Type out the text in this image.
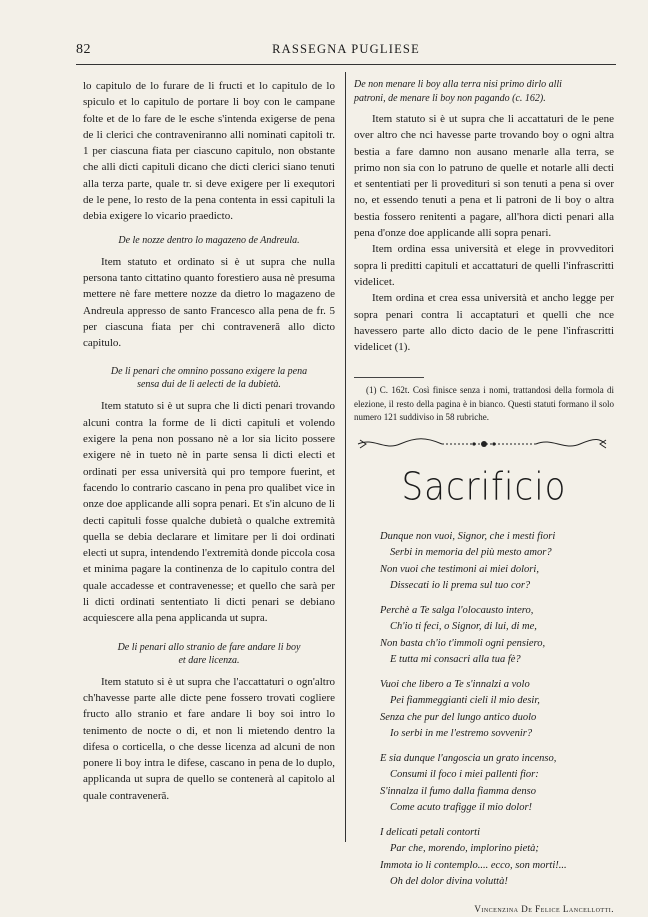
82	RASSEGNA PUGLIESE

lo capitulo de lo furare de li fructi et lo capitulo de lo spiculo et lo capitulo de portare li boy con le campane folte et de lo fare de le esche s'intenda exigerse de pena de li clerici che contraveniranno alli nominati capitoli tr. 1 per ciascuna fiata per ciascuno capitulo, non obstante che alli dicti capituli dicano che dicti clerici siano tenuti alla terza parte, quale tr. si deve exigere per li exequtori de le pene, lo resto de la pena contenta in essi capituli la debia exigere lo vicario praedicto.

De le nozze dentro lo magazeno de Andreula.

Item statuto et ordinato si è ut supra che nulla persona tanto cittatino quanto forestiero ausa nè presuma mettere nè fare mettere nozze da dietro lo magazeno de Andreula appresso de santo Francesco alla pena de fr. 5 per ciascuna fiata per chi contraveneră allo dicto capitulo.

De li penari che omnino possano exigere la pena
sensa dui de li aelecti de la dubietà.

Item statuto si è ut supra che li dicti penari trovando alcuni contra la forme de li dicti capituli et volendo exigere la pena non possano nè a lor sia licito possere exigere nè in tueto nè in parte sensa li dicti electi et ordinati per essa università qui pro tempore fuerint, et facendo lo contrario cascano in pena pro qualibet vice in onze doe applicande alli sopra penari. Et s'in alcuno de li decti capituli fosse qualche dubietà o qualche extremità quella se debia declarare et limitare per li doi ordinati electi ut supra, intendendo l'extremità donde piccola cosa et minima pagare la continenza de lo capitulo contra del quale accadesse et contravenesse; et quello che sarà per li dicti ordinati sententiato li dicti penari se debiano acquiescere alla pena applicanda ut supra.

De li penari allo stranio de fare andare li boy
et dare licenza.

Item statuto si è ut supra che l'accattaturi o ogn'altro ch'havesse parte alle dicte pene fossero trovati cogliere fructo allo stranio et fare andare li boy soi intro lo tenimento de nocte o di, et non li mietendo dentro la difesa o corticella, o che desse licenza ad alcuni de non ponere li boy intra le difese, cascano in pena de lo duplo, applicanda ut supra de quello se contenerà al capitolo al quale contraveneră.

De non menare li boy alla terra nisi primo dirlo alli
patroni, de menare li boy non pagando (c. 162).

Item statuto si è ut supra che li accattaturi de le pene over altro che nci havesse parte trovando boy o ogni altra bestia a fare damno non ausano menarle alla terra, se primo non sia con lo patruno de quelle et notarle alli decti et sententiati per li provedituri si son tenuti a pena si over no, et essendo tenuti a pena et li patroni de li boy o altra bestia fossero renitenti a pagare, all'hora dicti penari alla pena d'onze doe applicande alli sopra penari.

Item ordina essa università et elege in provveditori sopra li preditti capituli et accattaturi de quelli l'infrascritti videlicet.

Item ordina et crea essa università et ancho legge per sopra penari contra li accaptaturi et quelli che nce havessero parte allo dicto dacio de le pene l'infrascritti videlicet (1).

(1) C. 162t. Così finisce senza i nomi, trattandosi della formola di elezione, il resto della pagina è in bianco. Questi statuti formano il solo numero 121 suddiviso in 58 rubriche.

Sacrificio
Dunque non vuoi, Signor, che i mesti fiori
Serbi in memoria del più mesto amor?
Non vuoi che testimoni ai miei dolori,
Dissecati io li prema sul tuo cor?
Perchè a Te salga l'olocausto intero,
Ch'io ti feci, o Signor, di lui, di me,
Non basta ch'io t'immoli ogni pensiero,
E tutta mi consacri alla tua fè?
Vuoi che libero a Te s'innalzi a volo
Pei fiammeggianti cieli il mio desir,
Senza che pur del lungo antico duolo
Io serbi in me l'estremo sovvenir?
E sia dunque l'angoscia un grato incenso,
Consumi il foco i miei pallenti fior:
S'innalza il fumo dalla fiamma denso
Come acuto trafigge il mio dolor!
I delicati petali contorti
Par che, morendo, implorino pietà;
Immota io li contemplo.... ecco, son morti!...
Oh del dolor divina voluttà!
Vincenzina De Felice Lancellotti.
